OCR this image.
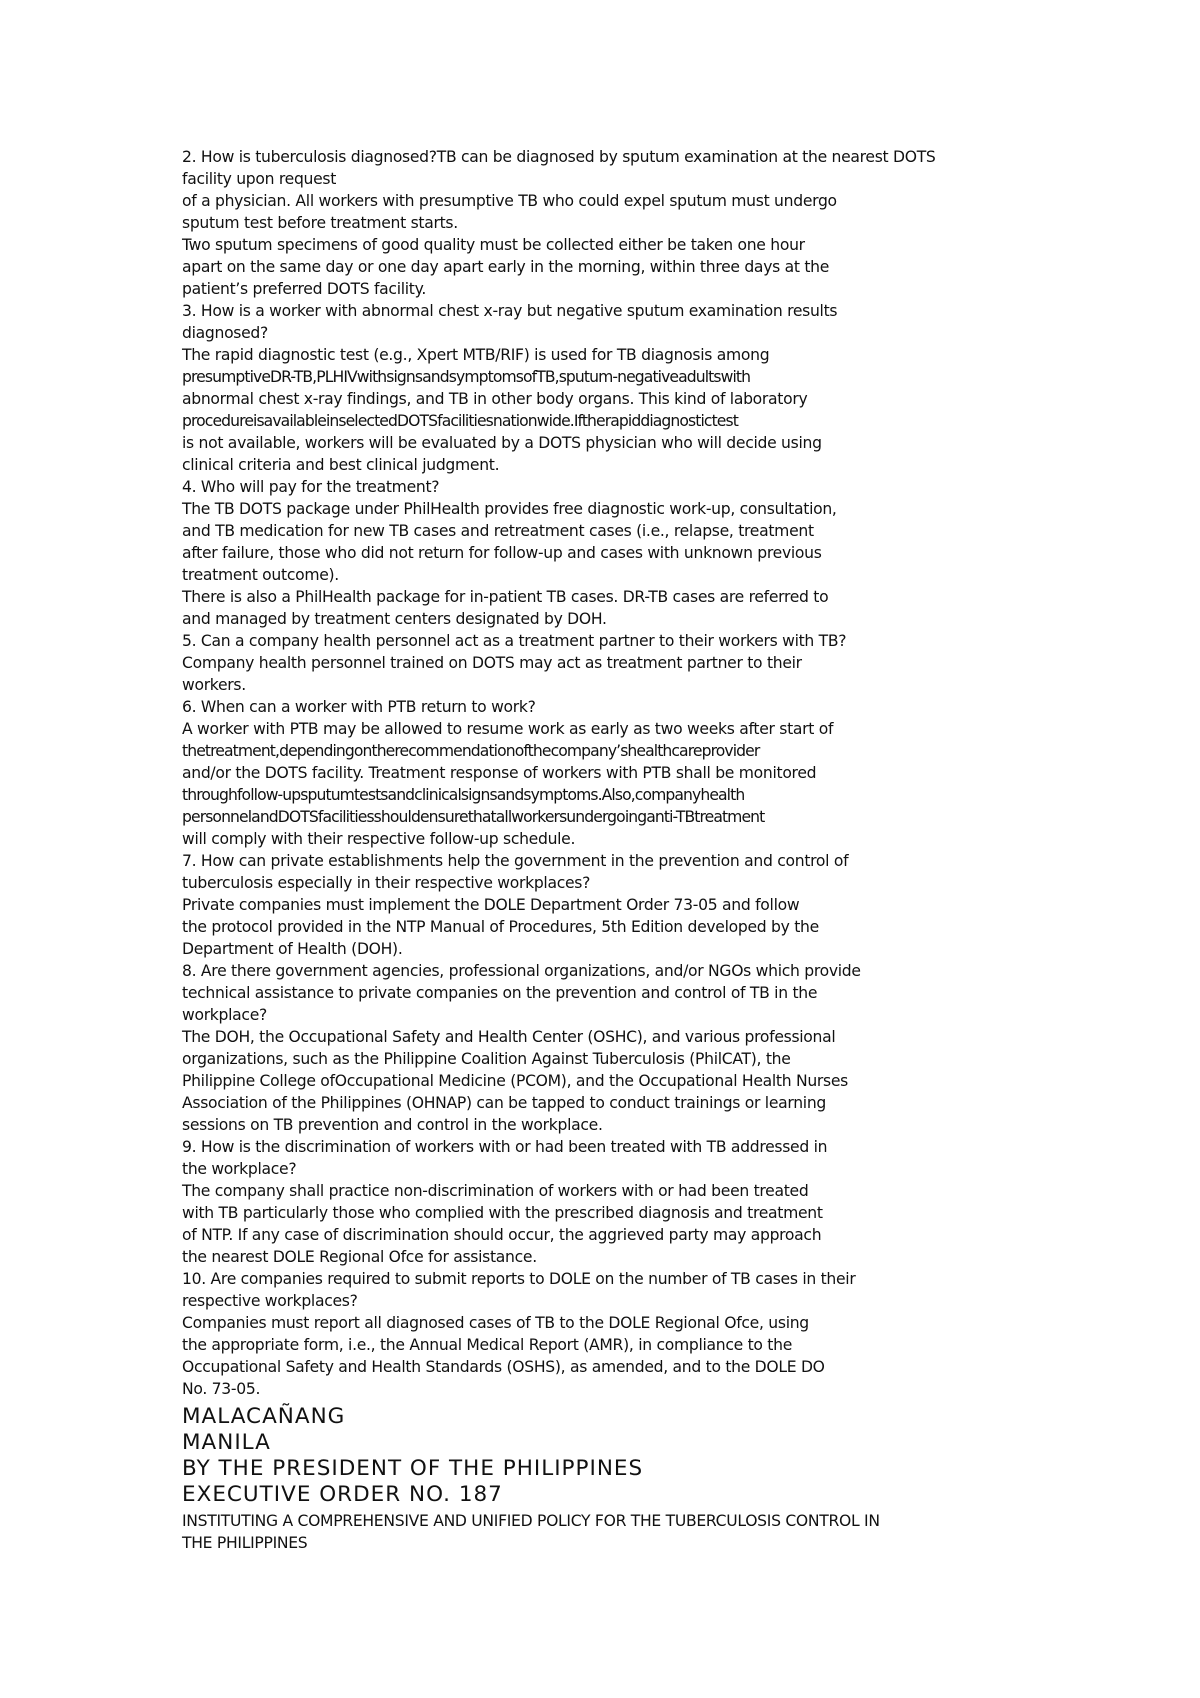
2. How is tuberculosis diagnosed?TB can be diagnosed by sputum examination at the nearest DOTS
facility upon request
of a physician. All workers with presumptive TB who could expel sputum must undergo
sputum test before treatment starts.
Two sputum specimens of good quality must be collected either be taken one hour
apart on the same day or one day apart early in the morning, within three days at the
patient’s preferred DOTS facility.
3. How is a worker with abnormal chest x-ray but negative sputum examination results
diagnosed?
The rapid diagnostic test (e.g., Xpert MTB/RIF) is used for TB diagnosis among
presumptiveDR-TB,PLHIVwithsignsandsymptomsofTB,sputum-negativeadultswith
abnormal chest x-ray findings, and TB in other body organs. This kind of laboratory
procedureisavailableinselectedDOTSfacilitiesnationwide.Iftherapiddiagnostictest
is not available, workers will be evaluated by a DOTS physician who will decide using
clinical criteria and best clinical judgment.
4. Who will pay for the treatment?
The TB DOTS package under PhilHealth provides free diagnostic work-up, consultation,
and TB medication for new TB cases and retreatment cases (i.e., relapse, treatment
after failure, those who did not return for follow-up and cases with unknown previous
treatment outcome).
There is also a PhilHealth package for in-patient TB cases. DR-TB cases are referred to
and managed by treatment centers designated by DOH.
5. Can a company health personnel act as a treatment partner to their workers with TB?
Company health personnel trained on DOTS may act as treatment partner to their
workers.
6. When can a worker with PTB return to work?
A worker with PTB may be allowed to resume work as early as two weeks after start of
thetreatment,dependingontherecommendationofthecompany’shealthcareprovider
and/or the DOTS facility. Treatment response of workers with PTB shall be monitored
throughfollow-upsputumtestsandclinicalsignsandsymptoms.Also,companyhealth
personnelandDOTSfacilitiesshouldensurethatallworkersundergoinganti-TBtreatment
will comply with their respective follow-up schedule.
7. How can private establishments help the government in the prevention and control of
tuberculosis especially in their respective workplaces?
Private companies must implement the DOLE Department Order 73-05 and follow
the protocol provided in the NTP Manual of Procedures, 5th Edition developed by the
Department of Health (DOH).
8. Are there government agencies, professional organizations, and/or NGOs which provide
technical assistance to private companies on the prevention and control of TB in the
workplace?
The DOH, the Occupational Safety and Health Center (OSHC), and various professional
organizations, such as the Philippine Coalition Against Tuberculosis (PhilCAT), the
Philippine College ofOccupational Medicine (PCOM), and the Occupational Health Nurses
Association of the Philippines (OHNAP) can be tapped to conduct trainings or learning
sessions on TB prevention and control in the workplace.
9. How is the discrimination of workers with or had been treated with TB addressed in
the workplace?
The company shall practice non-discrimination of workers with or had been treated
with TB particularly those who complied with the prescribed diagnosis and treatment
of NTP. If any case of discrimination should occur, the aggrieved party may approach
the nearest DOLE Regional Ofce for assistance.
10. Are companies required to submit reports to DOLE on the number of TB cases in their
respective workplaces?
Companies must report all diagnosed cases of TB to the DOLE Regional Ofce, using
the appropriate form, i.e., the Annual Medical Report (AMR), in compliance to the
Occupational Safety and Health Standards (OSHS), as amended, and to the DOLE DO
No. 73-05.
MALACAÑANG
MANILA
BY THE PRESIDENT OF THE PHILIPPINES
EXECUTIVE ORDER NO. 187
INSTITUTING A COMPREHENSIVE AND UNIFIED POLICY FOR THE TUBERCULOSIS CONTROL IN
THE PHILIPPINES
